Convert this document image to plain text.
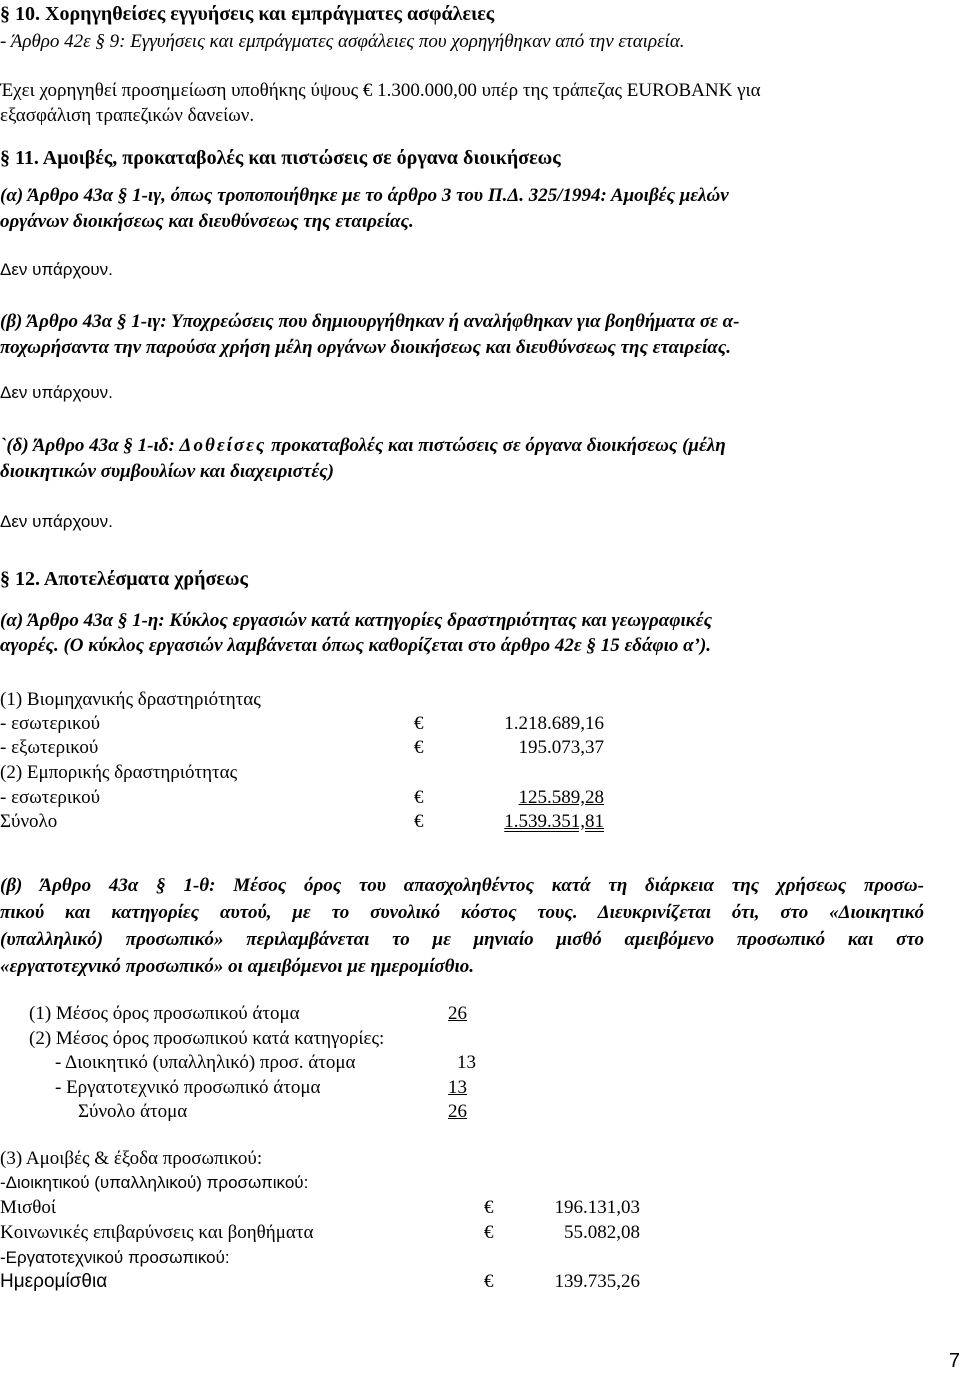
§ 10. Χορηγηθείσες εγγυήσεις και εμπράγματες ασφάλειες
- Άρθρο 42ε § 9: Εγγυήσεις και εμπράγματες ασφάλειες που χορηγήθηκαν από την εταιρεία.
Έχει χορηγηθεί προσημείωση υποθήκης ύψους € 1.300.000,00 υπέρ της τράπεζας EUROBANK για
εξασφάλιση τραπεζικών δανείων.
§ 11. Αμοιβές, προκαταβολές και πιστώσεις σε όργανα διοικήσεως
(α) Άρθρο 43α § 1-ιγ, όπως τροποποιήθηκε με το άρθρο 3 του Π.Δ. 325/1994: Αμοιβές μελών
οργάνων διοικήσεως και διευθύνσεως της εταιρείας.
Δεν υπάρχουν.
(β) Άρθρο 43α § 1-ιγ: Υποχρεώσεις που δημιουργήθηκαν ή αναλήφθηκαν για βοηθήματα σε α-
ποχωρήσαντα την παρούσα χρήση μέλη οργάνων διοικήσεως και διευθύνσεως της εταιρείας.
Δεν υπάρχουν.
`(δ) Άρθρο 43α § 1-ιδ: Δοθείσες προκαταβολές και πιστώσεις σε όργανα διοικήσεως (μέλη
διοικητικών συμβουλίων και διαχειριστές)
Δεν υπάρχουν.
§ 12. Αποτελέσματα χρήσεως
(α) Άρθρο 43α § 1-η: Κύκλος εργασιών κατά κατηγορίες δραστηριότητας και γεωγραφικές
αγορές. (Ο κύκλος εργασιών λαμβάνεται όπως καθορίζεται στο άρθρο 42ε § 15 εδάφιο α’).
(1) Βιομηχανικής δραστηριότητας
- εσωτερικού	€	1.218.689,16
- εξωτερικού	€	195.073,37
(2) Εμπορικής δραστηριότητας
- εσωτερικού	€	125.589,28
Σύνολο	€	1.539.351,81
(β) Άρθρο 43α § 1-θ: Μέσος όρος του απασχοληθέντος κατά τη διάρκεια της χρήσεως προσω-
πικού και κατηγορίες αυτού, με το συνολικό κόστος τους. Διευκρινίζεται ότι, στο «Διοικητικό
(υπαλληλικό) προσωπικό» περιλαμβάνεται το με μηνιαίο μισθό αμειβόμενο προσωπικό και στο
«εργατοτεχνικό προσωπικό» οι αμειβόμενοι με ημερομίσθιο.
(1) Μέσος όρος προσωπικού άτομα	26
(2) Μέσος όρος προσωπικού κατά κατηγορίες:
- Διοικητικό (υπαλληλικό) προσ. άτομα	13
- Εργατοτεχνικό προσωπικό άτομα	13
Σύνολο άτομα	26
(3) Αμοιβές & έξοδα προσωπικού:
-Διοικητικού (υπαλληλικού) προσωπικού:
Μισθοί	€	196.131,03
Κοινωνικές επιβαρύνσεις και βοηθήματα	€	55.082,08
-Εργατοτεχνικού προσωπικού:
Ημερομίσθια	€	139.735,26
7
